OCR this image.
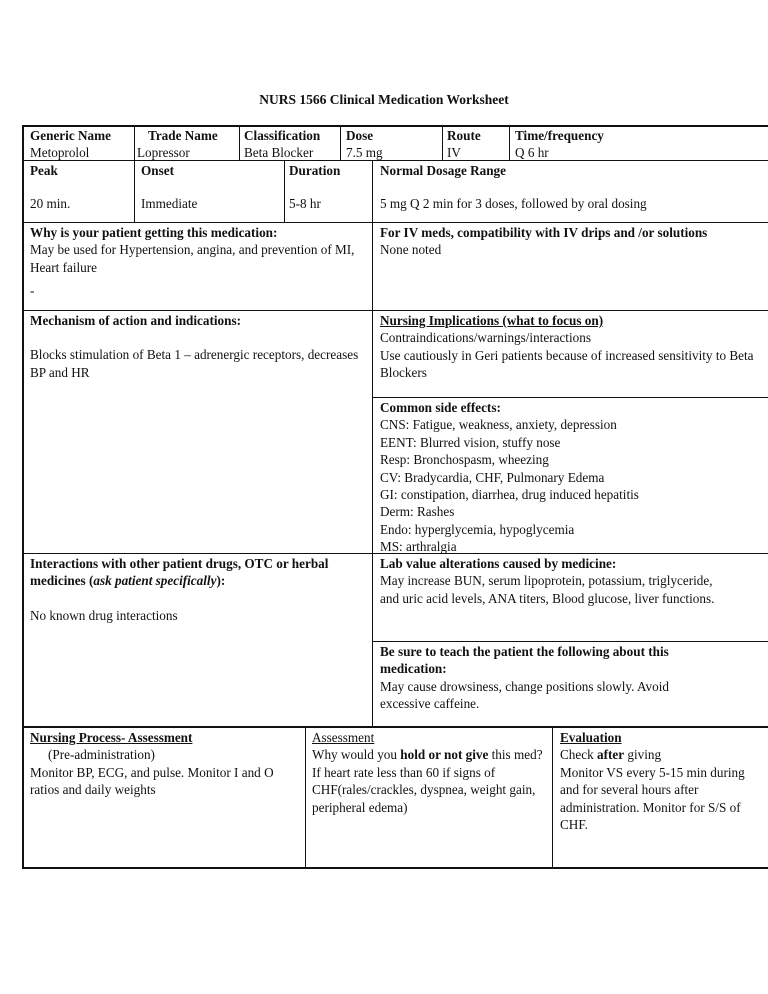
NURS 1566 Clinical Medication Worksheet
Generic Name
Metoprolol
Trade Name
Lopressor
Classification
Beta Blocker
Dose
7.5 mg
Route
IV
Time/frequency
Q 6 hr
Peak
20 min.
Onset
Immediate
Duration
5-8 hr
Normal Dosage Range
5 mg Q 2 min for 3 doses, followed by oral dosing
Why is your patient getting this medication:
May be used for Hypertension, angina, and prevention of MI, Heart failure
-
For IV meds, compatibility with IV drips and /or solutions
None noted
Mechanism of action and indications:
Blocks stimulation of Beta 1 – adrenergic receptors, decreases BP and HR
Nursing Implications (what to focus on)
Contraindications/warnings/interactions
Use cautiously in Geri patients because of increased sensitivity to Beta Blockers
Common side effects:
CNS: Fatigue, weakness, anxiety, depression
EENT: Blurred vision, stuffy nose
Resp: Bronchospasm, wheezing
CV: Bradycardia, CHF, Pulmonary Edema
GI: constipation, diarrhea, drug induced hepatitis
Derm: Rashes
Endo: hyperglycemia, hypoglycemia
MS: arthralgia
Interactions with other patient drugs, OTC or herbal medicines (ask patient specifically):
No known drug interactions
Lab value alterations caused by medicine:
May increase BUN, serum lipoprotein, potassium, triglyceride, and uric acid levels, ANA titers, Blood glucose, liver functions.
Be sure to teach the patient the following about this medication:
May cause drowsiness, change positions slowly. Avoid excessive caffeine.
Nursing Process- Assessment
(Pre-administration)
Monitor BP, ECG, and pulse. Monitor I and O ratios and daily weights
Assessment
Why would you hold or not give this med?
If heart rate less than 60 if signs of CHF(rales/crackles, dyspnea, weight gain, peripheral edema)
Evaluation
Check after giving
Monitor VS every 5-15 min during and for several hours after administration. Monitor for S/S of CHF.
